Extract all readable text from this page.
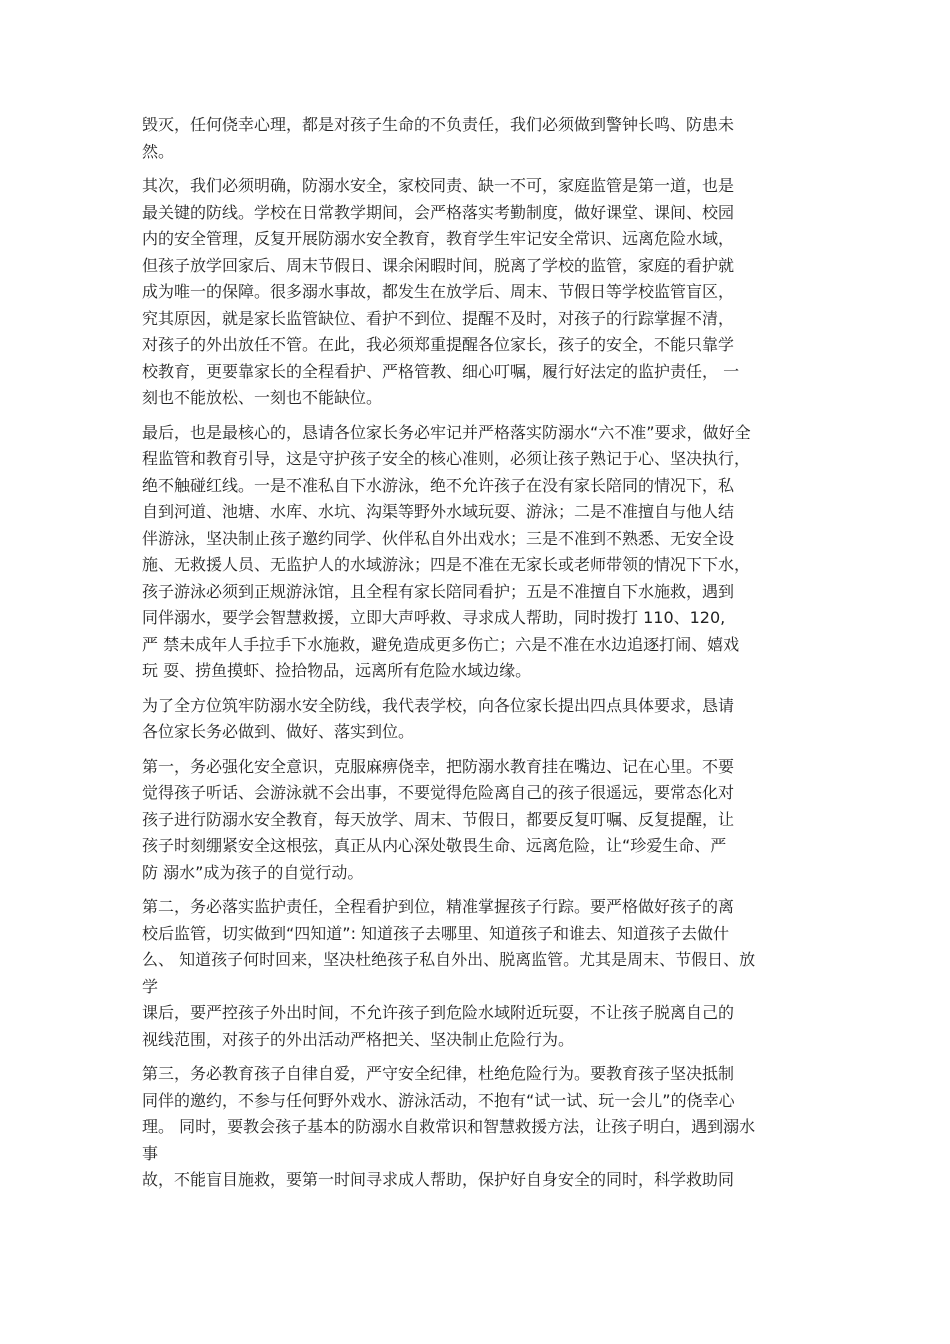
毁灭，任何侥幸心理，都是对孩子生命的不负责任，我们必须做到警钟长鸣、防患未
然。

其次，我们必须明确，防溺水安全，家校同责、缺一不可，家庭监管是第一道，也是
最关键的防线。学校在日常教学期间，会严格落实考勤制度，做好课堂、课间、校园
内的安全管理，反复开展防溺水安全教育，教育学生牢记安全常识、远离危险水域，
但孩子放学回家后、周末节假日、课余闲暇时间，脱离了学校的监管，家庭的看护就
成为唯一的保障。很多溺水事故，都发生在放学后、周末、节假日等学校监管盲区，
究其原因，就是家长监管缺位、看护不到位、提醒不及时，对孩子的行踪掌握不清，
对孩子的外出放任不管。在此，我必须郑重提醒各位家长，孩子的安全，不能只靠学
校教育，更要靠家长的全程看护、严格管教、细心叮嘱，履行好法定的监护责任， 一
刻也不能放松、一刻也不能缺位。

最后，也是最核心的，恳请各位家长务必牢记并严格落实防溺水“六不准”要求，做好全
程监管和教育引导，这是守护孩子安全的核心准则，必须让孩子熟记于心、坚决执行，
绝不触碰红线。一是不准私自下水游泳，绝不允许孩子在没有家长陪同的情况下，私
自到河道、池塘、水库、水坑、沟渠等野外水域玩耍、游泳；二是不准擅自与他人结
伴游泳，坚决制止孩子邀约同学、伙伴私自外出戏水；三是不准到不熟悉、无安全设
施、无救援人员、无监护人的水域游泳；四是不准在无家长或老师带领的情况下下水，
孩子游泳必须到正规游泳馆，且全程有家长陪同看护；五是不准擅自下水施救，遇到
同伴溺水，要学会智慧救援，立即大声呼救、寻求成人帮助，同时拨打 110、120,
严 禁未成年人手拉手下水施救，避免造成更多伤亡；六是不准在水边追逐打闹、嬉戏
玩 耍、捞鱼摸虾、捡拾物品，远离所有危险水域边缘。

为了全方位筑牢防溺水安全防线，我代表学校，向各位家长提出四点具体要求，恳请
各位家长务必做到、做好、落实到位。

第一，务必强化安全意识，克服麻痹侥幸，把防溺水教育挂在嘴边、记在心里。不要
觉得孩子听话、会游泳就不会出事，不要觉得危险离自己的孩子很遥远，要常态化对
孩子进行防溺水安全教育，每天放学、周末、节假日，都要反复叮嘱、反复提醒，让
孩子时刻绷紧安全这根弦，真正从内心深处敬畏生命、远离危险，让“珍爱生命、严
防 溺水”成为孩子的自觉行动。

第二，务必落实监护责任，全程看护到位，精准掌握孩子行踪。要严格做好孩子的离
校后监管，切实做到“四知道”: 知道孩子去哪里、知道孩子和谁去、知道孩子去做什
么、 知道孩子何时回来，坚决杜绝孩子私自外出、脱离监管。尤其是周末、节假日、放
学
课后，要严控孩子外出时间，不允许孩子到危险水域附近玩耍，不让孩子脱离自己的
视线范围，对孩子的外出活动严格把关、坚决制止危险行为。

第三，务必教育孩子自律自爱，严守安全纪律，杜绝危险行为。要教育孩子坚决抵制
同伴的邀约，不参与任何野外戏水、游泳活动，不抱有“试一试、玩一会儿”的侥幸心
理。 同时，要教会孩子基本的防溺水自救常识和智慧救援方法，让孩子明白，遇到溺水
事
故，不能盲目施救，要第一时间寻求成人帮助，保护好自身安全的同时，科学救助同
